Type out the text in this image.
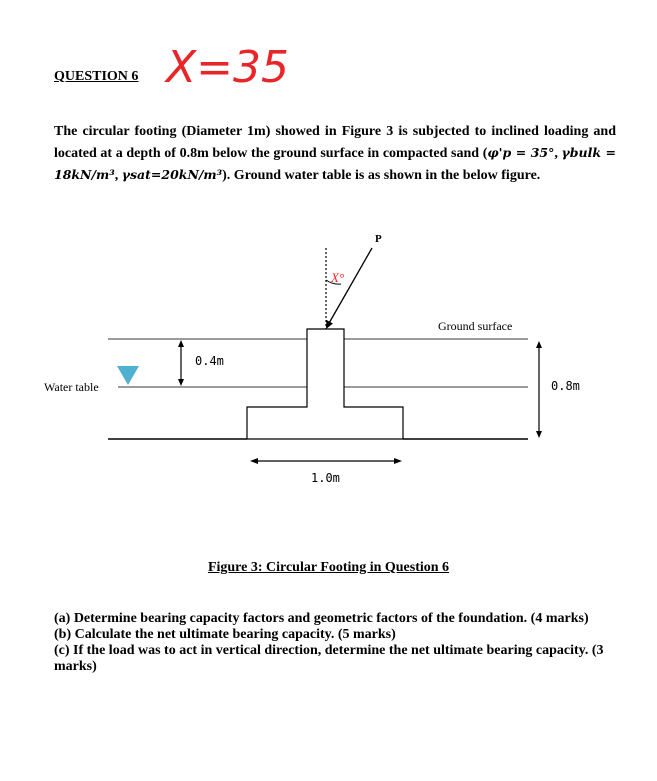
QUESTION 6 X=35
The circular footing (Diameter 1m) showed in Figure 3 is subjected to inclined loading and located at a depth of 0.8m below the ground surface in compacted sand (φ'p = 35°, γbulk = 18kN/m³, γsat=20kN/m³). Ground water table is as shown in the below figure.
P
X°
Ground surface
Water table
0.4m
0.8m
1.0m
Figure 3: Circular Footing in Question 6

(a) Determine bearing capacity factors and geometric factors of the foundation. (4 marks)

(b) Calculate the net ultimate bearing capacity. (5 marks)

(c) If the load was to act in vertical direction, determine the net ultimate bearing capacity. (3 marks)
